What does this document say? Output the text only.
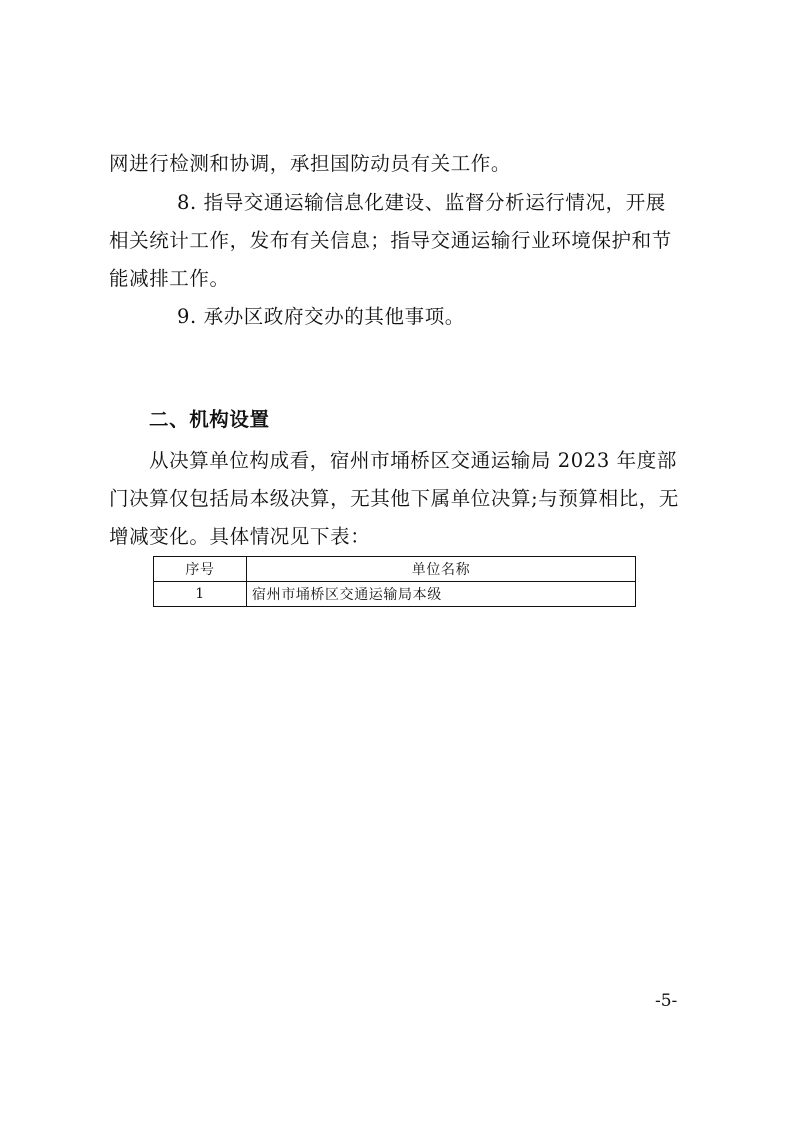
网进行检测和协调，承担国防动员有关工作。
8. 指导交通运输信息化建设、监督分析运行情况，开展
相关统计工作，发布有关信息；指导交通运输行业环境保护和节
能减排工作。
9. 承办区政府交办的其他事项。
二、机构设置
从决算单位构成看，宿州市埇桥区交通运输局 2023 年度部
门决算仅包括局本级决算，无其他下属单位决算;与预算相比，无
增减变化。具体情况见下表：
序号	单位名称
1	宿州市埇桥区交通运输局本级
-5-
